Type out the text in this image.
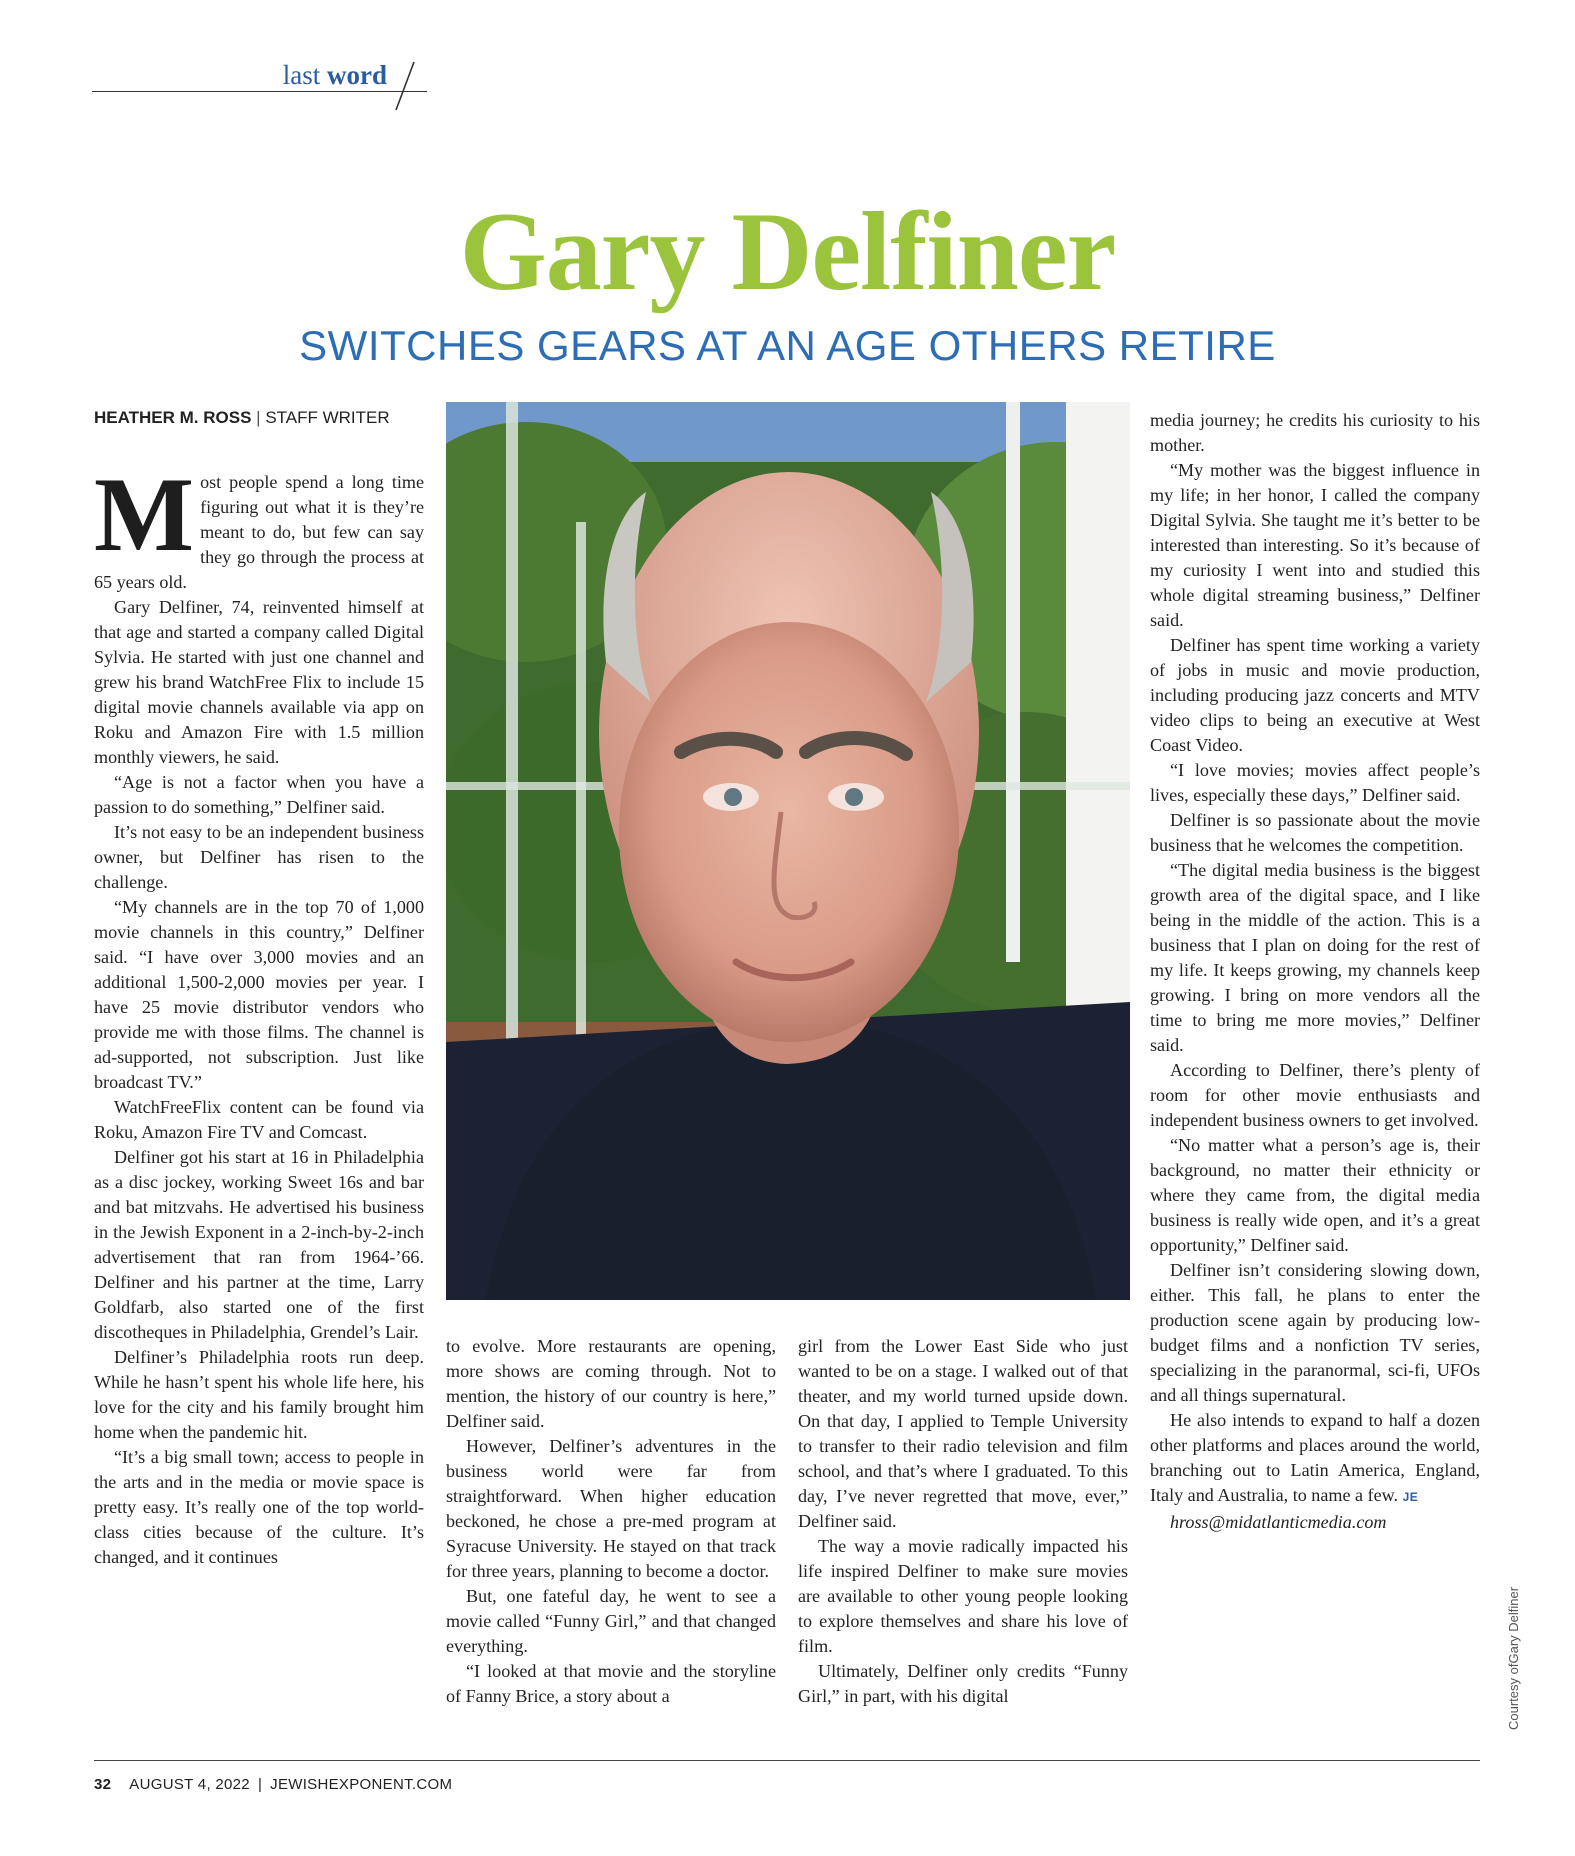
last word
Gary Delfiner
SWITCHES GEARS AT AN AGE OTHERS RETIRE
HEATHER M. ROSS | STAFF WRITER

Most people spend a long time figuring out what it is they’re meant to do, but few can say they go through the process at 65 years old.

Gary Delfiner, 74, reinvented himself at that age and started a company called Digital Sylvia. He started with just one channel and grew his brand WatchFree Flix to include 15 digital movie channels available via app on Roku and Amazon Fire with 1.5 million monthly viewers, he said.

“Age is not a factor when you have a passion to do something,” Delfiner said.

It’s not easy to be an independent business owner, but Delfiner has risen to the challenge.

“My channels are in the top 70 of 1,000 movie channels in this country,” Delfiner said. “I have over 3,000 movies and an additional 1,500-2,000 movies per year. I have 25 movie distributor vendors who provide me with those films. The channel is ad-supported, not subscription. Just like broadcast TV.”

WatchFreeFlix content can be found via Roku, Amazon Fire TV and Comcast.

Delfiner got his start at 16 in Philadelphia as a disc jockey, working Sweet 16s and bar and bat mitzvahs. He advertised his business in the Jewish Exponent in a 2-inch-by-2-inch advertisement that ran from 1964-’66. Delfiner and his partner at the time, Larry Goldfarb, also started one of the first discotheques in Philadelphia, Grendel’s Lair.

Delfiner’s Philadelphia roots run deep. While he hasn’t spent his whole life here, his love for the city and his family brought him home when the pandemic hit.

“It’s a big small town; access to people in the arts and in the media or movie space is pretty easy. It’s really one of the top world-class cities because of the culture. It’s changed, and it continues

to evolve. More restaurants are opening, more shows are coming through. Not to mention, the history of our country is here,” Delfiner said.

However, Delfiner’s adventures in the business world were far from straightforward. When higher education beckoned, he chose a pre-med program at Syracuse University. He stayed on that track for three years, planning to become a doctor.

But, one fateful day, he went to see a movie called “Funny Girl,” and that changed everything.

“I looked at that movie and the storyline of Fanny Brice, a story about a

girl from the Lower East Side who just wanted to be on a stage. I walked out of that theater, and my world turned upside down. On that day, I applied to Temple University to transfer to their radio television and film school, and that’s where I graduated. To this day, I’ve never regretted that move, ever,” Delfiner said.

The way a movie radically impacted his life inspired Delfiner to make sure movies are available to other young people looking to explore themselves and share his love of film.

Ultimately, Delfiner only credits “Funny Girl,” in part, with his digital

media journey; he credits his curiosity to his mother.

“My mother was the biggest influence in my life; in her honor, I called the company Digital Sylvia. She taught me it’s better to be interested than interesting. So it’s because of my curiosity I went into and studied this whole digital streaming business,” Delfiner said.

Delfiner has spent time working a variety of jobs in music and movie production, including producing jazz concerts and MTV video clips to being an executive at West Coast Video.

“I love movies; movies affect people’s lives, especially these days,” Delfiner said.

Delfiner is so passionate about the movie business that he welcomes the competition.

“The digital media business is the biggest growth area of the digital space, and I like being in the middle of the action. This is a business that I plan on doing for the rest of my life. It keeps growing, my channels keep growing. I bring on more vendors all the time to bring me more movies,” Delfiner said.

According to Delfiner, there’s plenty of room for other movie enthusiasts and independent business owners to get involved.

“No matter what a person’s age is, their background, no matter their ethnicity or where they came from, the digital media business is really wide open, and it’s a great opportunity,” Delfiner said.

Delfiner isn’t considering slowing down, either. This fall, he plans to enter the production scene again by producing low-budget films and a nonfiction TV series, specializing in the paranormal, sci-fi, UFOs and all things supernatural.

He also intends to expand to half a dozen other platforms and places around the world, branching out to Latin America, England, Italy and Australia, to name a few. JE

hross@midatlanticmedia.com

Courtesy ofGary Delfiner
32 AUGUST 4, 2022 | JEWISHEXPONENT.COM
